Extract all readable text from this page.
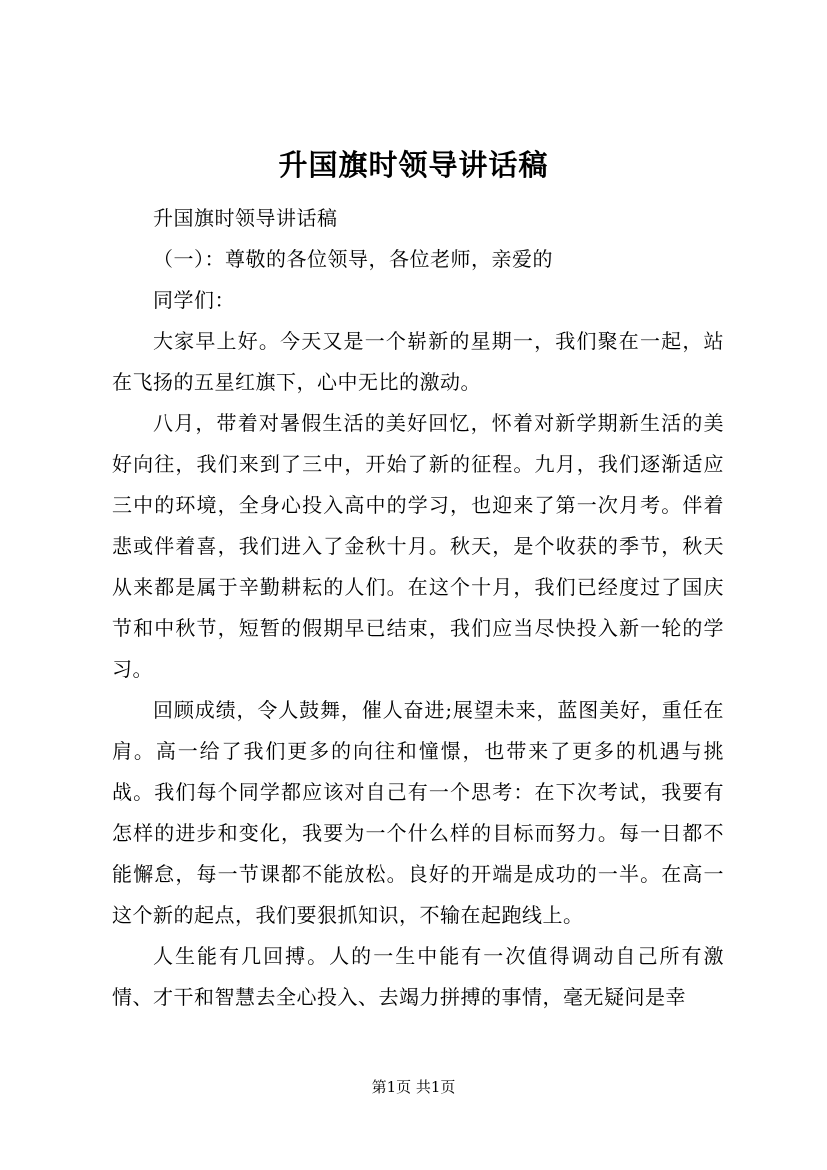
升国旗时领导讲话稿

升国旗时领导讲话稿

（一）：尊敬的各位领导，各位老师，亲爱的

同学们：

大家早上好。今天又是一个崭新的星期一，我们聚在一起，站在飞扬的五星红旗下，心中无比的激动。

八月，带着对暑假生活的美好回忆，怀着对新学期新生活的美好向往，我们来到了三中，开始了新的征程。九月，我们逐渐适应三中的环境，全身心投入高中的学习，也迎来了第一次月考。伴着悲或伴着喜，我们进入了金秋十月。秋天，是个收获的季节，秋天从来都是属于辛勤耕耘的人们。在这个十月，我们已经度过了国庆节和中秋节，短暂的假期早已结束，我们应当尽快投入新一轮的学习。

回顾成绩，令人鼓舞，催人奋进;展望未来，蓝图美好，重任在肩。高一给了我们更多的向往和憧憬，也带来了更多的机遇与挑战。我们每个同学都应该对自己有一个思考：在下次考试，我要有怎样的进步和变化，我要为一个什么样的目标而努力。每一日都不能懈怠，每一节课都不能放松。良好的开端是成功的一半。在高一这个新的起点，我们要狠抓知识，不输在起跑线上。

人生能有几回搏。人的一生中能有一次值得调动自己所有激情、才干和智慧去全心投入、去竭力拼搏的事情，毫无疑问是幸

第1页 共1页
